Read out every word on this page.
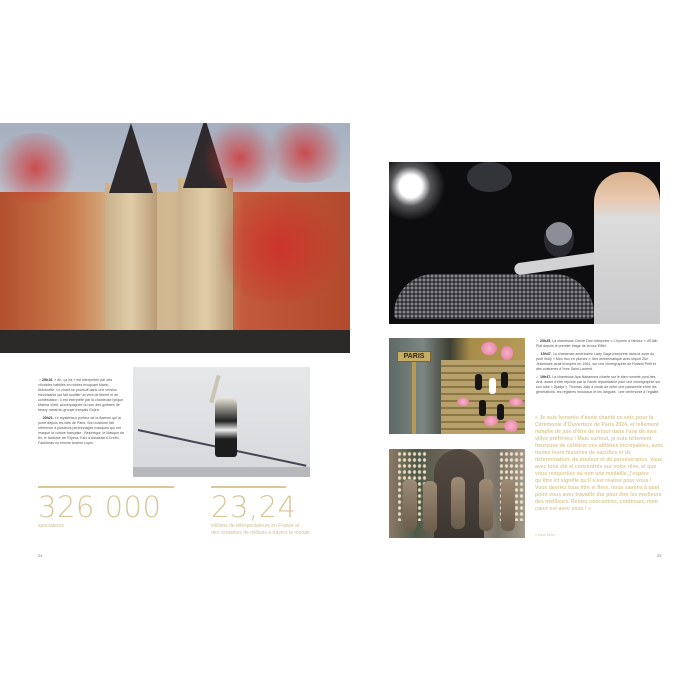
↗ 20h16. « Ah, ça ira » est interprétée par des choristes habillés en nobles évoquant Marie-Antoinette. Le chant se poursuit dans une version électrisante qui fait souffler un vent de liberté et de contestation : il est interprété par la chanteuse lyrique Marina Viotti, accompagnée du son des guitares de heavy metal du groupe français Gojira.

→ 20h21. Le mystérieux porteur de la flamme qui la porte depuis les toits de Paris. Son costume fait référence à plusieurs personnages masqués qui ont marqué la culture française : Belphégor, le Masque de fer, le fantôme de l'Opéra, Ezio d'Assassin's Creed, Fantômas ou encore Arsène Lupin.

326 000
spectateurs
23,24
millions de téléspectateurs en France et
des centaines de millions à travers le monde
24

↗ 20h25. La chanteuse Céline Dion interprète « L'hymne à l'amour » d'Édith Piaf depuis le premier étage de la tour Eiffel.

← 19h47. La chanteuse américaine Lady Gaga interprète dans la zone du pont Sully « Mon truc en plumes », titre emblématique avec lequel Zizi Jeanmaire avait triomphé en 1961, sur une chorégraphie de Roland Petit et des costumes d'Yves Saint Laurent.

↙ 19h47. La chanteuse Aya Nakamura chante sur le bien nommé pont des Arts, avant d'être rejointe par la Garde républicaine pour une chorégraphie sur son tube « Djadja ». Thomas Jolly a choisi de créer une passerelle entre les générations, les registres musicaux et les langues : une cérémonie à l'égalité.

PARIS
« Je suis honorée d'avoir chanté ce soir, pour la Cérémonie d'Ouverture de Paris 2024, et tellement remplie de joie d'être de retour dans l'une de mes villes préférées ! Mais surtout, je suis tellement heureuse de célébrer ces athlètes incroyables, avec toutes leurs histoires de sacrifice et de détermination, de douleur et de persévérance. Vous avez tous été si concentrés sur votre rêve, et que vous remportiez ou non une médaille, j'espère qu'être ici signifie qu'il s'est réalisé pour vous ! Vous devriez tous être si fiers, nous savons à quel point vous avez travaillé dur pour être les meilleurs des meilleurs. Restez concentrés, continuez, mon cœur est avec vous ! »
Céline Dion
25
